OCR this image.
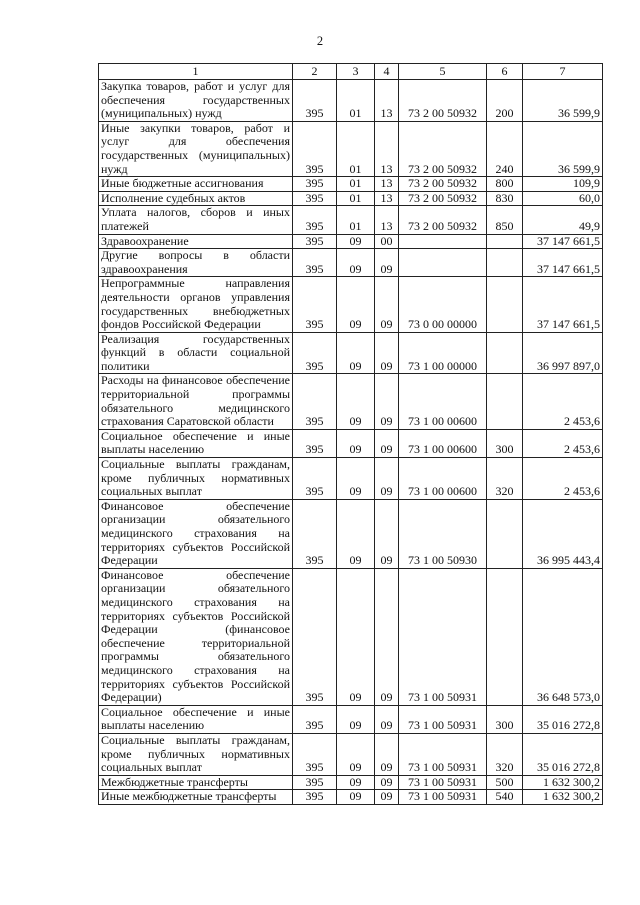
2
1	2	3	4	5	6	7
Закупка товаров, работ и услуг для обеспечения государственных (муниципальных) нужд	395	01	13	73 2 00 50932	200	36 599,9
Иные закупки товаров, работ и услуг для обеспечения государственных (муниципальных) нужд	395	01	13	73 2 00 50932	240	36 599,9
Иные бюджетные ассигнования	395	01	13	73 2 00 50932	800	109,9
Исполнение судебных актов	395	01	13	73 2 00 50932	830	60,0
Уплата налогов, сборов и иных платежей	395	01	13	73 2 00 50932	850	49,9
Здравоохранение	395	09	00			37 147 661,5
Другие вопросы в области здравоохранения	395	09	09			37 147 661,5
Непрограммные направления деятельности органов управления государственных внебюджетных фондов Российской Федерации	395	09	09	73 0 00 00000		37 147 661,5
Реализация государственных функций в области социальной политики	395	09	09	73 1 00 00000		36 997 897,0
Расходы на финансовое обеспечение территориальной программы обязательного медицинского страхования Саратовской области	395	09	09	73 1 00 00600		2 453,6
Социальное обеспечение и иные выплаты населению	395	09	09	73 1 00 00600	300	2 453,6
Социальные выплаты гражданам, кроме публичных нормативных социальных выплат	395	09	09	73 1 00 00600	320	2 453,6
Финансовое обеспечение организации обязательного медицинского страхования на территориях субъектов Российской Федерации	395	09	09	73 1 00 50930		36 995 443,4
Финансовое обеспечение организации обязательного медицинского страхования на территориях субъектов Российской Федерации (финансовое обеспечение территориальной программы обязательного медицинского страхования на территориях субъектов Российской Федерации)	395	09	09	73 1 00 50931		36 648 573,0
Социальное обеспечение и иные выплаты населению	395	09	09	73 1 00 50931	300	35 016 272,8
Социальные выплаты гражданам, кроме публичных нормативных социальных выплат	395	09	09	73 1 00 50931	320	35 016 272,8
Межбюджетные трансферты	395	09	09	73 1 00 50931	500	1 632 300,2
Иные межбюджетные трансферты	395	09	09	73 1 00 50931	540	1 632 300,2
